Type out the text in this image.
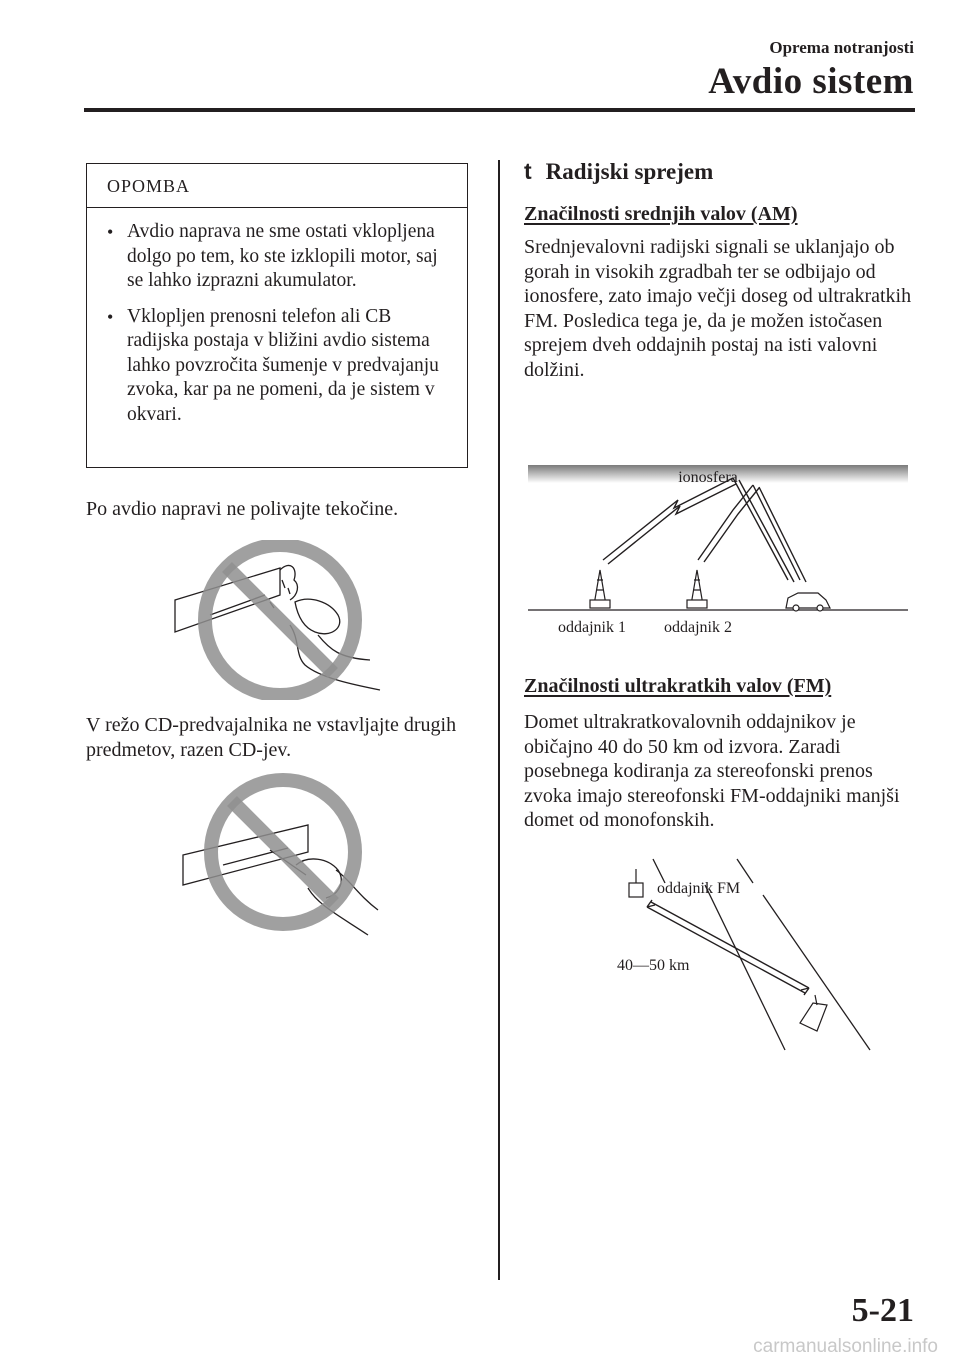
Oprema notranjosti
Avdio sistem
OPOMBA
• Avdio naprava ne sme ostati vklopljena dolgo po tem, ko ste izklopili motor, saj se lahko izprazni akumulator.
• Vklopljen prenosni telefon ali CB radijska postaja v bližini avdio sistema lahko povzročita šumenje v predvajanju zvoka, kar pa ne pomeni, da je sistem v okvari.
Po avdio napravi ne polivajte tekočine.
V režo CD-predvajalnika ne vstavljajte drugih predmetov, razen CD-jev.
t Radijski sprejem
Značilnosti srednjih valov (AM)
Srednjevalovni radijski signali se uklanjajo ob gorah in visokih zgradbah ter se odbijajo od ionosfere, zato imajo večji doseg od ultrakratkih FM. Posledica tega je, da je možen istočasen sprejem dveh oddajnih postaj na isti valovni dolžini.
ionosfera
oddajnik 1 oddajnik 2
Značilnosti ultrakratkih valov (FM)
Domet ultrakratkovalovnih oddajnikov je običajno 40 do 50 km od izvora. Zaradi posebnega kodiranja za stereofonski prenos zvoka imajo stereofonski FM-oddajniki manjši domet od monofonskih.
oddajnik FM
40—50 km
5-21
carmanualsonline.info
